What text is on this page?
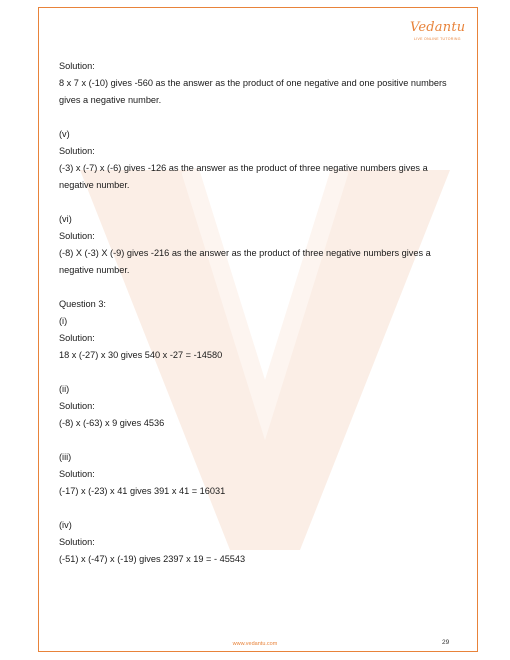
Vedantu
LIVE ONLINE TUTORING
Solution:
8 x 7 x (-10) gives -560 as the answer as the product of one negative and one positive numbers
gives a negative number.
(v)
Solution:
(-3) x (-7) x (-6) gives -126 as the answer as the product of three negative numbers gives a
negative number.
(vi)
Solution:
(-8) X (-3) X (-9) gives -216 as the answer as the product of three negative numbers gives a
negative number.
Question 3:
(i)
Solution:
18 x (-27) x 30 gives 540 x -27 = -14580
(ii)
Solution:
(-8) x (-63) x 9 gives 4536
(iii)
Solution:
(-17) x (-23) x 41 gives 391 x 41 = 16031
(iv)
Solution:
(-51) x (-47) x (-19) gives 2397 x 19 = - 45543
www.vedantu.com	29
